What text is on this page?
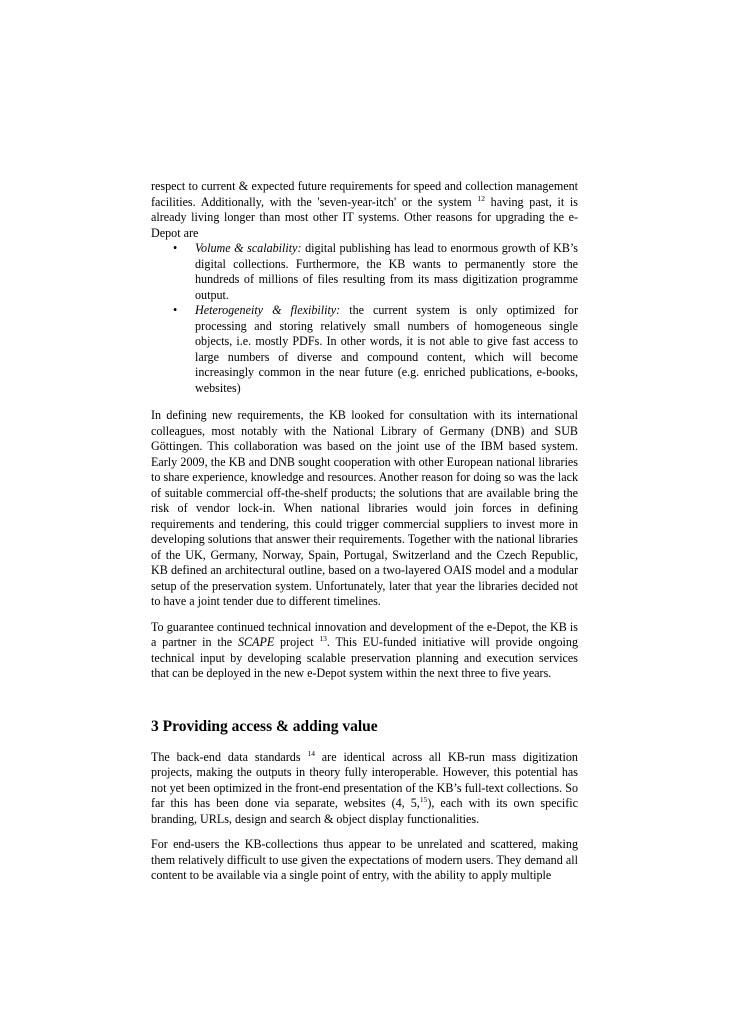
respect to current & expected future requirements for speed and collection management facilities. Additionally, with the 'seven-year-itch' or the system $^{12}$ having past, it is already living longer than most other IT systems. Other reasons for upgrading the e-Depot are

• Volume & scalability: digital publishing has lead to enormous growth of KB’s digital collections. Furthermore, the KB wants to permanently store the hundreds of millions of files resulting from its mass digitization programme output.
• Heterogeneity & flexibility: the current system is only optimized for processing and storing relatively small numbers of homogeneous single objects, i.e. mostly PDFs. In other words, it is not able to give fast access to large numbers of diverse and compound content, which will become increasingly common in the near future (e.g. enriched publications, e-books, websites)

In defining new requirements, the KB looked for consultation with its international colleagues, most notably with the National Library of Germany (DNB) and SUB Göttingen. This collaboration was based on the joint use of the IBM based system. Early 2009, the KB and DNB sought cooperation with other European national libraries to share experience, knowledge and resources. Another reason for doing so was the lack of suitable commercial off-the-shelf products; the solutions that are available bring the risk of vendor lock-in. When national libraries would join forces in defining requirements and tendering, this could trigger commercial suppliers to invest more in developing solutions that answer their requirements. Together with the national libraries of the UK, Germany, Norway, Spain, Portugal, Switzerland and the Czech Republic, KB defined an architectural outline, based on a two-layered OAIS model and a modular setup of the preservation system. Unfortunately, later that year the libraries decided not to have a joint tender due to different timelines.

To guarantee continued technical innovation and development of the e-Depot, the KB is a partner in the SCAPE project $^{13}$. This EU-funded initiative will provide ongoing technical input by developing scalable preservation planning and execution services that can be deployed in the new e-Depot system within the next three to five years.

3 Providing access & adding value

The back-end data standards $^{14}$ are identical across all KB-run mass digitization projects, making the outputs in theory fully interoperable. However, this potential has not yet been optimized in the front-end presentation of the KB’s full-text collections. So far this has been done via separate, websites (4, 5,15), each with its own specific branding, URLs, design and search & object display functionalities.

For end-users the KB-collections thus appear to be unrelated and scattered, making them relatively difficult to use given the expectations of modern users. They demand all content to be available via a single point of entry, with the ability to apply multiple
